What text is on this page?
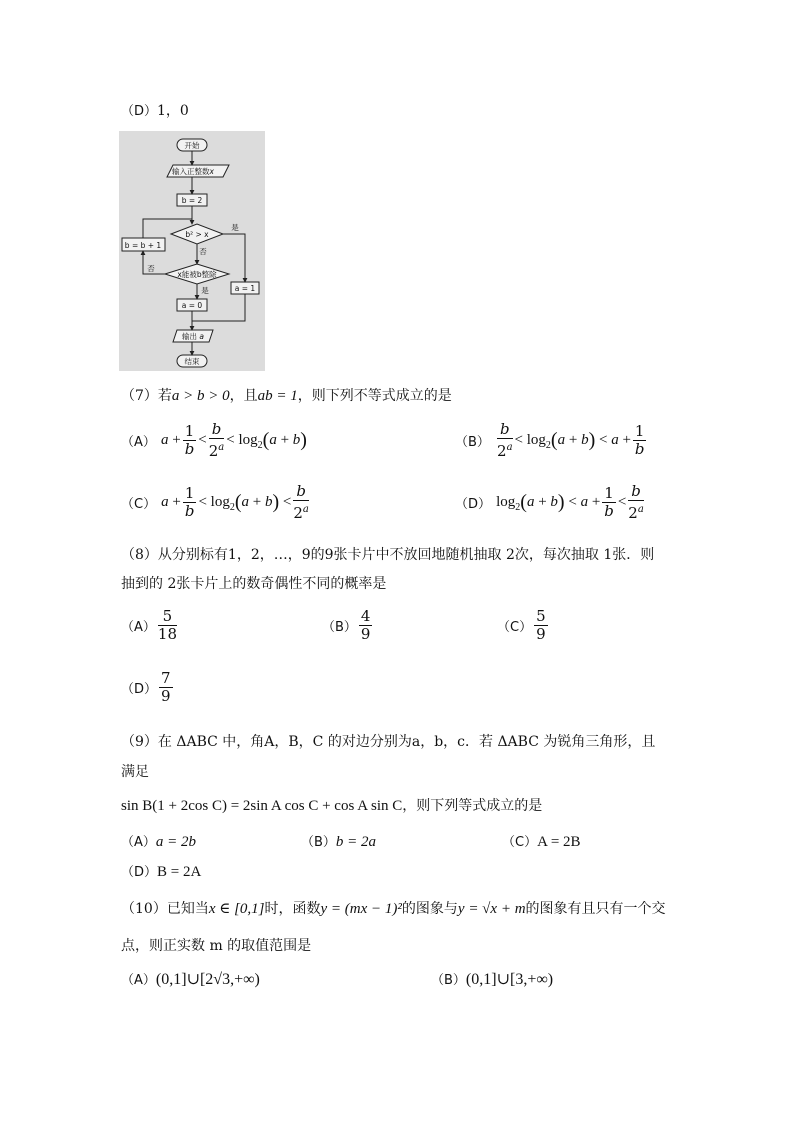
（D）1，0
开始
输入正整数x
b = 2
b² > x
b = b + 1
x能被b整除
a = 0
a = 1
输出 a
结束
是
否
否
是
（7）若a > b > 0，且ab = 1，则下列不等式成立的是
（A） $a + \frac{1}{b} < \frac{b}{2^a} < \log_2(a + b)$	$(B) \frac{b}{2^a} < \log_2(a + b) < a + \frac{1}{b}$
（C） $a + \frac{1}{b} < \log_2(a + b) < \frac{b}{2^a}$	（D） $\log_2(a + b) < a + \frac{1}{b} < \frac{b}{2^a}$
（8）从分别标有1，2，…，9的9张卡片中不放回地随机抽取 2次，每次抽取 1张．则
抽到的 2张卡片上的数奇偶性不同的概率是
$(A) \frac{5}{18}$	$(B) \frac{4}{9}$	$(C) \frac{5}{9}$
$(D) \frac{7}{9}$
（9）在 ΔABC 中，角A，B，C 的对边分别为a，b，c．若 ΔABC 为锐角三角形，且
满足
sin B(1 + 2cos C) = 2sin A cos C + cos A sin C，则下列等式成立的是
（A）a = 2b	（B）b = 2a	（C）A = 2B
（D）B = 2A
（10）已知当x ∈ [0,1]时，函数y = (mx − 1)²的图象与y = √x + m的图象有且只有一个交
点，则正实数 m 的取值范围是
（A）(0,1]∪[2√3,+∞)	（B）(0,1]∪[3,+∞)
